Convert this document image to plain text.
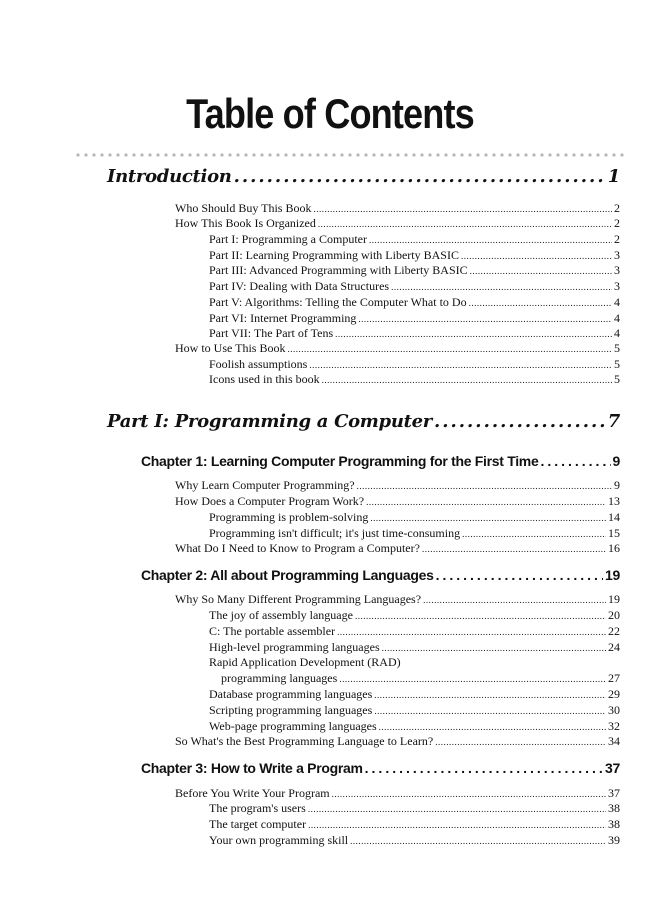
Table of Contents
Introduction .....	1
Who Should Buy This Book .....	2
How This Book Is Organized .....	2
Part I: Programming a Computer .....	2
Part II: Learning Programming with Liberty BASIC .....	3
Part III: Advanced Programming with Liberty BASIC .....	3
Part IV: Dealing with Data Structures .....	3
Part V: Algorithms: Telling the Computer What to Do .....	4
Part VI: Internet Programming .....	4
Part VII: The Part of Tens .....	4
How to Use This Book .....	5
Foolish assumptions .....	5
Icons used in this book .....	5
Part I: Programming a Computer .....	7
Chapter 1: Learning Computer Programming for the First Time .....	9
Why Learn Computer Programming? .....	9
How Does a Computer Program Work? .....	13
Programming is problem-solving .....	14
Programming isn't difficult; it's just time-consuming .....	15
What Do I Need to Know to Program a Computer? .....	16
Chapter 2: All about Programming Languages .....	19
Why So Many Different Programming Languages? .....	19
The joy of assembly language .....	20
C: The portable assembler .....	22
High-level programming languages .....	24
Rapid Application Development (RAD)
programming languages .....	27
Database programming languages .....	29
Scripting programming languages .....	30
Web-page programming languages .....	32
So What's the Best Programming Language to Learn? .....	34
Chapter 3: How to Write a Program .....	37
Before You Write Your Program .....	37
The program's users .....	38
The target computer .....	38
Your own programming skill .....	39
